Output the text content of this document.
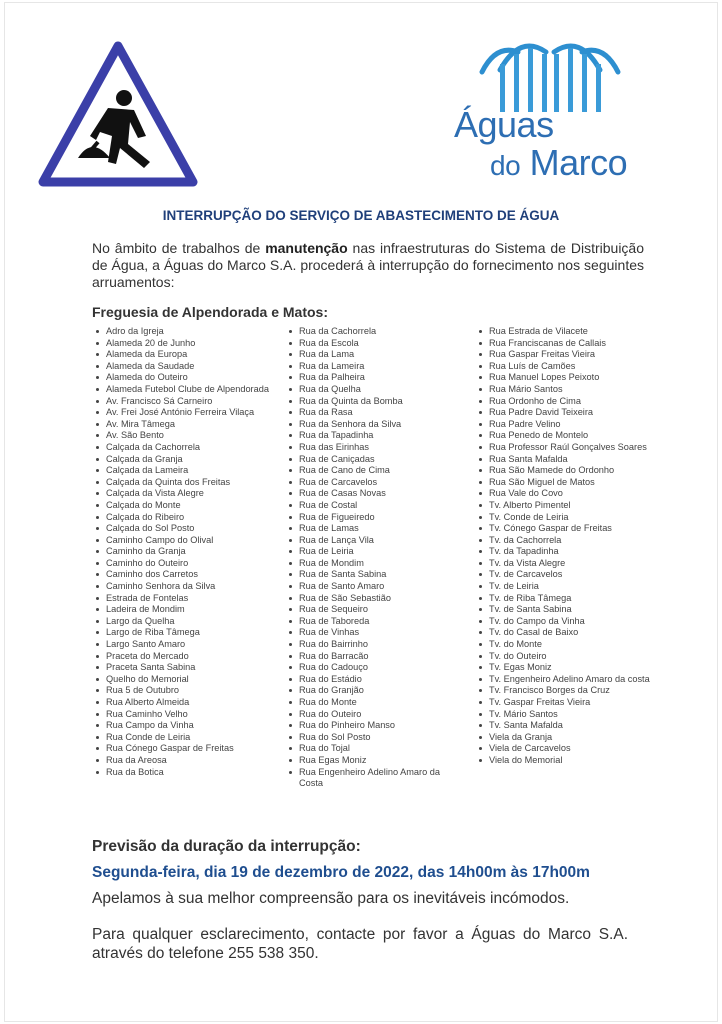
Águas
do Marco
INTERRUPÇÃO DO SERVIÇO DE ABASTECIMENTO DE ÁGUA
No âmbito de trabalhos de manutenção nas infraestruturas do Sistema de Distribuição de Água, a Águas do Marco S.A. procederá à interrupção do fornecimento nos seguintes arruamentos:
Freguesia de Alpendorada e Matos:
Adro da Igreja
Alameda 20 de Junho
Alameda da Europa
Alameda da Saudade
Alameda do Outeiro
Alameda Futebol Clube de Alpendorada
Av. Francisco Sá Carneiro
Av. Frei José António Ferreira Vilaça
Av. Mira Tâmega
Av. São Bento
Calçada da Cachorrela
Calçada da Granja
Calçada da Lameira
Calçada da Quinta dos Freitas
Calçada da Vista Alegre
Calçada do Monte
Calçada do Ribeiro
Calçada do Sol Posto
Caminho Campo do Olival
Caminho da Granja
Caminho do Outeiro
Caminho dos Carretos
Caminho Senhora da Silva
Estrada de Fontelas
Ladeira de Mondim
Largo da Quelha
Largo de Riba Tâmega
Largo Santo Amaro
Praceta do Mercado
Praceta Santa Sabina
Quelho do Memorial
Rua 5 de Outubro
Rua Alberto Almeida
Rua Caminho Velho
Rua Campo da Vinha
Rua Conde de Leiria
Rua Cónego Gaspar de Freitas
Rua da Areosa
Rua da Botica
Rua da Cachorrela
Rua da Escola
Rua da Lama
Rua da Lameira
Rua da Palheira
Rua da Quelha
Rua da Quinta da Bomba
Rua da Rasa
Rua da Senhora da Silva
Rua da Tapadinha
Rua das Eirinhas
Rua de Caniçadas
Rua de Cano de Cima
Rua de Carcavelos
Rua de Casas Novas
Rua de Costal
Rua de Figueiredo
Rua de Lamas
Rua de Lança Vila
Rua de Leiria
Rua de Mondim
Rua de Santa Sabina
Rua de Santo Amaro
Rua de São Sebastião
Rua de Sequeiro
Rua de Taboreda
Rua de Vinhas
Rua do Bairrinho
Rua do Barracão
Rua do Cadouço
Rua do Estádio
Rua do Granjão
Rua do Monte
Rua do Outeiro
Rua do Pinheiro Manso
Rua do Sol Posto
Rua do Tojal
Rua Egas Moniz
Rua Engenheiro Adelino Amaro da Costa
Rua Estrada de Vilacete
Rua Franciscanas de Callais
Rua Gaspar Freitas Vieira
Rua Luís de Camões
Rua Manuel Lopes Peixoto
Rua Mário Santos
Rua Ordonho de Cima
Rua Padre David Teixeira
Rua Padre Velino
Rua Penedo de Montelo
Rua Professor Raúl Gonçalves Soares
Rua Santa Mafalda
Rua São Mamede do Ordonho
Rua São Miguel de Matos
Rua Vale do Covo
Tv. Alberto Pimentel
Tv. Conde de Leiria
Tv. Cónego Gaspar de Freitas
Tv. da Cachorrela
Tv. da Tapadinha
Tv. da Vista Alegre
Tv. de Carcavelos
Tv. de Leiria
Tv. de Riba Tâmega
Tv. de Santa Sabina
Tv. do Campo da Vinha
Tv. do Casal de Baixo
Tv. do Monte
Tv. do Outeiro
Tv. Egas Moniz
Tv. Engenheiro Adelino Amaro da costa
Tv. Francisco Borges da Cruz
Tv. Gaspar Freitas Vieira
Tv. Mário Santos
Tv. Santa Mafalda
Viela da Granja
Viela de Carcavelos
Viela do Memorial
Previsão da duração da interrupção:
Segunda-feira, dia 19 de dezembro de 2022, das 14h00m às 17h00m
Apelamos à sua melhor compreensão para os inevitáveis incómodos.
Para qualquer esclarecimento, contacte por favor a Águas do Marco S.A. através do telefone 255 538 350.
